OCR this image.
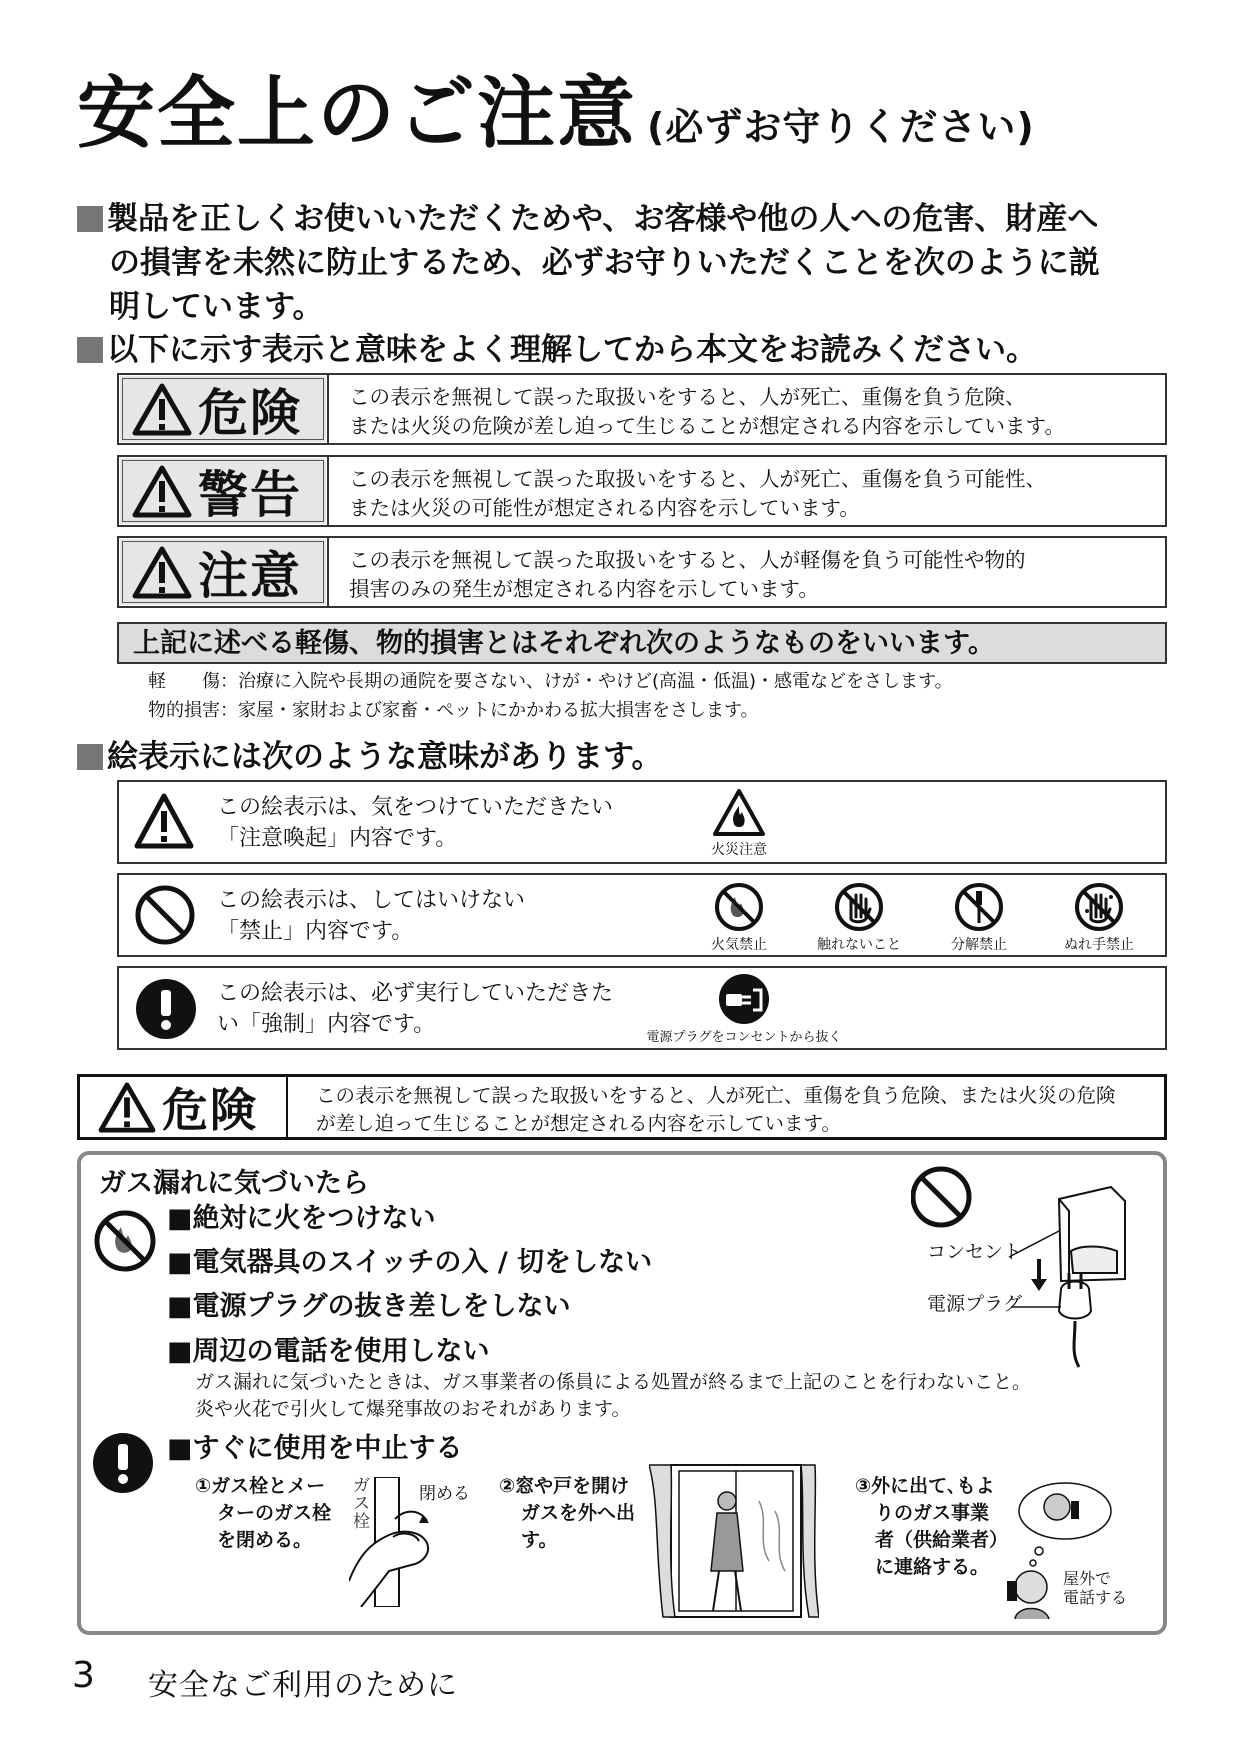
安全上のご注意 (必ずお守りください)
製品を正しくお使いいただくためや、お客様や他の人への危害、財産へ
の損害を未然に防止するため、必ずお守りいただくことを次のように説
明しています。
以下に示す表示と意味をよく理解してから本文をお読みください。
危険 この表示を無視して誤った取扱いをすると、人が死亡、重傷を負う危険、
または火災の危険が差し迫って生じることが想定される内容を示しています。
警告 この表示を無視して誤った取扱いをすると、人が死亡、重傷を負う可能性、
または火災の可能性が想定される内容を示しています。
注意 この表示を無視して誤った取扱いをすると、人が軽傷を負う可能性や物的
損害のみの発生が想定される内容を示しています。
上記に述べる軽傷、物的損害とはそれぞれ次のようなものをいいます。
軽　　傷：治療に入院や長期の通院を要さない、けが・やけど(高温・低温)・感電などをさします。
物的損害：家屋・家財および家畜・ペットにかかわる拡大損害をさします。
絵表示には次のような意味があります。
この絵表示は、気をつけていただきたい
「注意喚起」内容です。	火災注意
この絵表示は、してはいけない
「禁止」内容です。
火気禁止	触れないこと	分解禁止	ぬれ手禁止
この絵表示は、必ず実行していただきた
い「強制」内容です。
電源プラグをコンセントから抜く
危険	この表示を無視して誤った取扱いをすると、人が死亡、重傷を負う危険、または火災の危険
が差し迫って生じることが想定される内容を示しています。
ガス漏れに気づいたら
■絶対に火をつけない
■電気器具のスイッチの入 / 切をしない
■電源プラグの抜き差しをしない
■周辺の電話を使用しない
ガス漏れに気づいたときは、ガス事業者の係員による処置が終るまで上記のことを行わないこと。
炎や火花で引火して爆発事故のおそれがあります。
コンセント
電源プラグ
■すぐに使用を中止する
①ガス栓とメー
ターのガス栓
を閉める。
ガ
ス
栓
閉める ②窓や戸を開け
ガスを外へ出
す。
③外に出て､もよ
りのガス事業
者（供給業者）
に連絡する。
屋外で
電話する
3 安全なご利用のために
